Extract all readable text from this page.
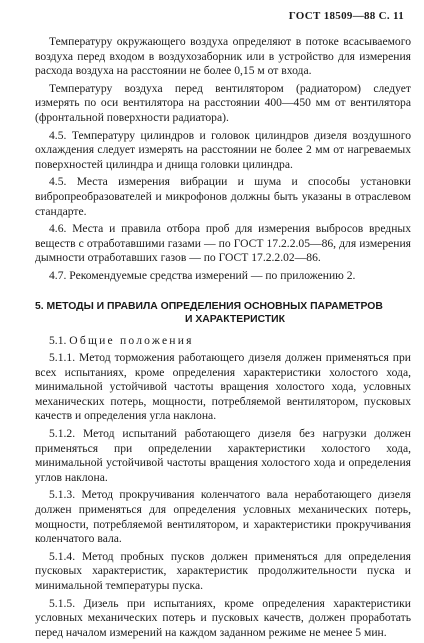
ГОСТ 18509—88 С. 11

Температуру окружающего воздуха определяют в потоке всасываемого воздуха перед входом в воздухозаборник или в устройство для измерения расхода воздуха на расстоянии не более 0,15 м от входа.

Температуру воздуха перед вентилятором (радиатором) следует измерять по оси вентилятора на расстоянии 400—450 мм от вентилятора (фронтальной поверхности радиатора).

4.5. Температуру цилиндров и головок цилиндров дизеля воздушного охлаждения следует измерять на расстоянии не более 2 мм от нагреваемых поверхностей цилиндра и днища головки цилиндра.

4.5. Места измерения вибрации и шума и способы установки вибропреобразователей и микрофонов должны быть указаны в отраслевом стандарте.

4.6. Места и правила отбора проб для измерения выбросов вредных веществ с отработавшими газами — по ГОСТ 17.2.2.05—86, для измерения дымности отработавших газов — по ГОСТ 17.2.2.02—86.

4.7. Рекомендуемые средства измерений — по приложению 2.

5. МЕТОДЫ И ПРАВИЛА ОПРЕДЕЛЕНИЯ ОСНОВНЫХ ПАРАМЕТРОВ
И ХАРАКТЕРИСТИК

5.1. Общие положения

5.1.1. Метод торможения работающего дизеля должен применяться при всех испытаниях, кроме определения характеристики холостого хода, минимальной устойчивой частоты вращения холостого хода, условных механических потерь, мощности, потребляемой вентилятором, пусковых качеств и определения угла наклона.

5.1.2. Метод испытаний работающего дизеля без нагрузки должен применяться при определении характеристики холостого хода, минимальной устойчивой частоты вращения холостого хода и определения углов наклона.

5.1.3. Метод прокручивания коленчатого вала неработающего дизеля должен применяться для определения условных механических потерь, мощности, потребляемой вентилятором, и характеристики прокручивания коленчатого вала.

5.1.4. Метод пробных пусков должен применяться для определения пусковых характеристик, характеристик продолжительности пуска и минимальной температуры пуска.

5.1.5. Дизель при испытаниях, кроме определения характеристики условных механических потерь и пусковых качеств, должен проработать перед началом измерений на каждом заданном режиме не менее 5 мин.
